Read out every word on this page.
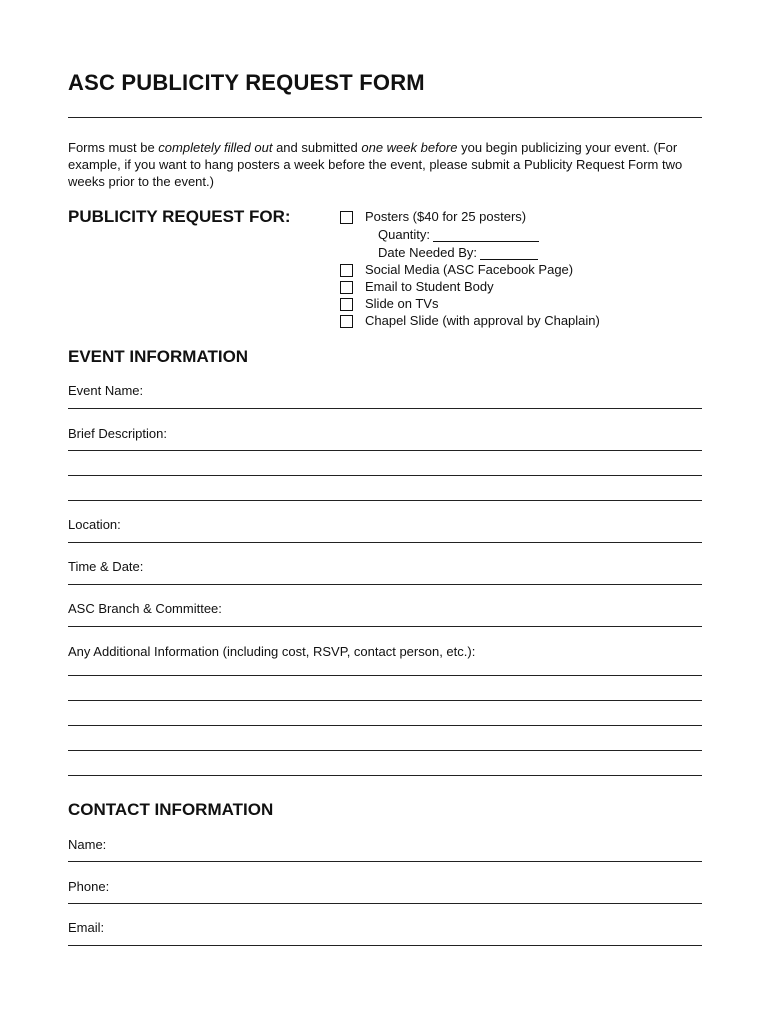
ASC PUBLICITY REQUEST FORM
Forms must be completely filled out and submitted one week before you begin publicizing your event. (For example, if you want to hang posters a week before the event, please submit a Publicity Request Form two weeks prior to the event.)
PUBLICITY REQUEST FOR:	Posters ($40 for 25 posters)
Quantity:
Date Needed By:
Social Media (ASC Facebook Page)
Email to Student Body
Slide on TVs
Chapel Slide (with approval by Chaplain)
EVENT INFORMATION
Event Name:
Brief Description:
Location:
Time & Date:
ASC Branch & Committee:
Any Additional Information (including cost, RSVP, contact person, etc.):
CONTACT INFORMATION
Name:
Phone:
Email:
